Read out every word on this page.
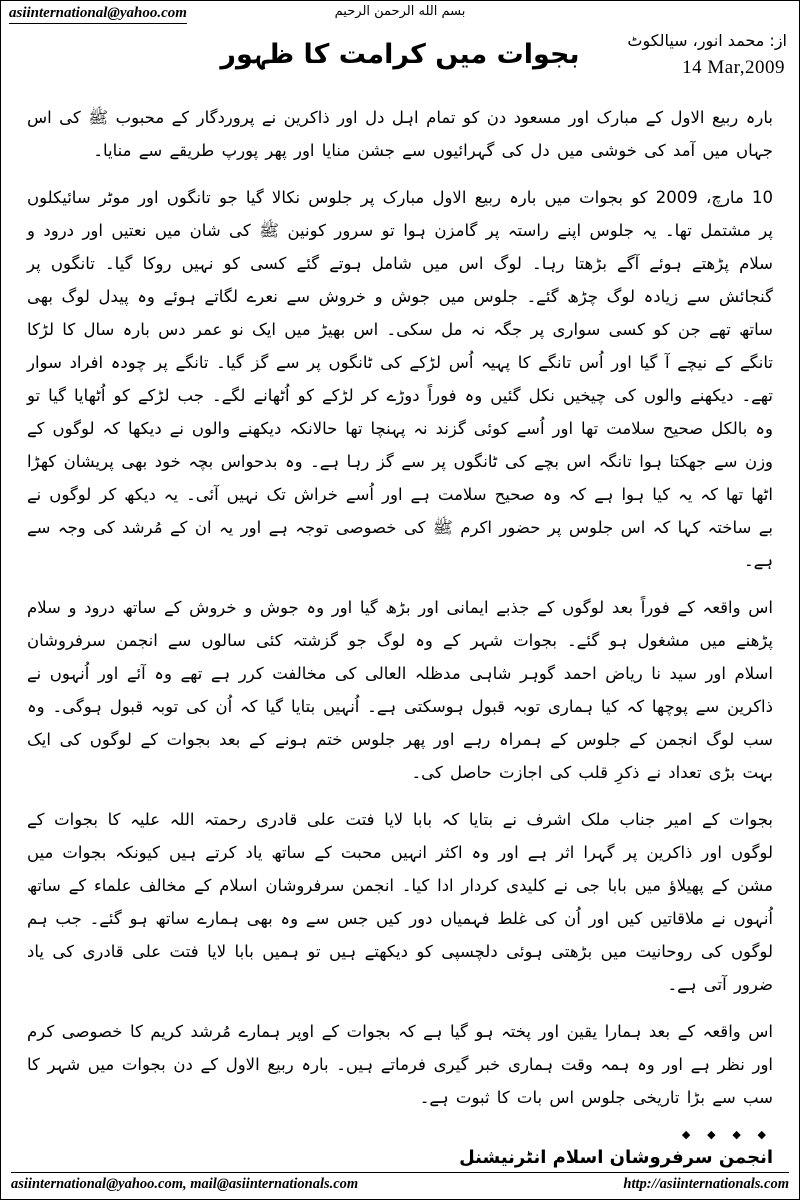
asiinternational@yahoo.com	بسم الله الرحمن الرحيم
از: محمد انور، سیالکوٹ
14 Mar,2009
بجوات میں کرامت کا ظہور

بارہ ربیع الاول کے مبارک اور مسعود دن کو تمام اہل دل اور ذاکرین نے پروردگار کے محبوب ﷺ کی اس جہاں میں آمد کی خوشی میں دل کی گہرائیوں سے جشن منایا اور پھر پورپ طریقے سے منایا۔

10 مارچ، 2009 کو بجوات میں بارہ ربیع الاول مبارک پر جلوس نکالا گیا جو تانگوں اور موٹر سائیکلوں پر مشتمل تھا۔ یہ جلوس اپنے راستہ پر گامزن ہوا تو سرور کونین ﷺ کی شان میں نعتیں اور درود و سلام پڑھتے ہوئے آگے بڑھتا رہا۔ لوگ اس میں شامل ہوتے گئے کسی کو نہیں روکا گیا۔ تانگوں پر گنجائش سے زیادہ لوگ چڑھ گئے۔ جلوس میں جوش و خروش سے نعرے لگاتے ہوئے وہ پیدل لوگ بھی ساتھ تھے جن کو کسی سواری پر جگہ نہ مل سکی۔ اس بھیڑ میں ایک نو عمر دس بارہ سال کا لڑکا تانگے کے نیچے آ گیا اور اُس تانگے کا پہیہ اُس لڑکے کی ٹانگوں پر سے گز گیا۔ تانگے پر چودہ افراد سوار تھے۔ دیکھنے والوں کی چیخیں نکل گئیں وہ فوراً دوڑے کر لڑکے کو اُٹھانے لگے۔ جب لڑکے کو اُٹھایا گیا تو وہ بالکل صحیح سلامت تھا اور اُسے کوئی گزند نہ پہنچا تھا حالانکہ دیکھنے والوں نے دیکھا کہ لوگوں کے وزن سے جھکتا ہوا تانگہ اس بچے کی ٹانگوں پر سے گز رہا ہے۔ وہ بدحواس بچہ خود بھی پریشان کھڑا اٹھا تھا کہ یہ کیا ہوا ہے کہ وہ صحیح سلامت ہے اور اُسے خراش تک نہیں آئی۔ یہ دیکھ کر لوگوں نے بے ساختہ کہا کہ اس جلوس پر حضور اکرم ﷺ کی خصوصی توجہ ہے اور یہ ان کے مُرشد کی وجہ سے ہے۔

اس واقعہ کے فوراً بعد لوگوں کے جذبے ایمانی اور بڑھ گیا اور وہ جوش و خروش کے ساتھ درود و سلام پڑھنے میں مشغول ہو گئے۔ بجوات شہر کے وہ لوگ جو گزشتہ کئی سالوں سے انجمن سرفروشان اسلام اور سید نا ریاض احمد گوہر شاہی مدظلہ العالی کی مخالفت کرر ہے تھے وہ آئے اور اُنہوں نے ذاکرین سے پوچھا کہ کیا ہماری توبہ قبول ہوسکتی ہے۔ اُنہیں بتایا گیا کہ اُن کی توبہ قبول ہوگی۔ وہ سب لوگ انجمن کے جلوس کے ہمراہ رہے اور پھر جلوس ختم ہونے کے بعد بجوات کے لوگوں کی ایک بہت بڑی تعداد نے ذکرِ قلب کی اجازت حاصل کی۔

بجوات کے امیر جناب ملک اشرف نے بتایا کہ بابا لایا فتت علی قادری رحمتہ اللہ علیہ کا بجوات کے لوگوں اور ذاکرین پر گہرا اثر ہے اور وہ اکثر انہیں محبت کے ساتھ یاد کرتے ہیں کیونکہ بجوات میں مشن کے پھیلاؤ میں بابا جی نے کلیدی کردار ادا کیا۔ انجمن سرفروشان اسلام کے مخالف علماء کے ساتھ اُنہوں نے ملاقاتیں کیں اور اُن کی غلط فہمیاں دور کیں جس سے وہ بھی ہمارے ساتھ ہو گئے۔ جب ہم لوگوں کی روحانیت میں بڑھتی ہوئی دلچسپی کو دیکھتے ہیں تو ہمیں بابا لایا فتت علی قادری کی یاد ضرور آتی ہے۔

اس واقعہ کے بعد ہمارا یقین اور پختہ ہو گیا ہے کہ بجوات کے اوپر ہمارے مُرشد کریم کا خصوصی کرم اور نظر ہے اور وہ ہمہ وقت ہماری خبر گیری فرماتے ہیں۔ بارہ ربیع الاول کے دن بجوات میں شہر کا سب سے بڑا تاریخی جلوس اس بات کا ثبوت ہے۔

◆ ◆ ◆ ◆
انجمن سرفروشان اسلام انٹرنیشنل
asiinternational@yahoo.com, mail@asiinternationals.com	http://asiinternationals.com
